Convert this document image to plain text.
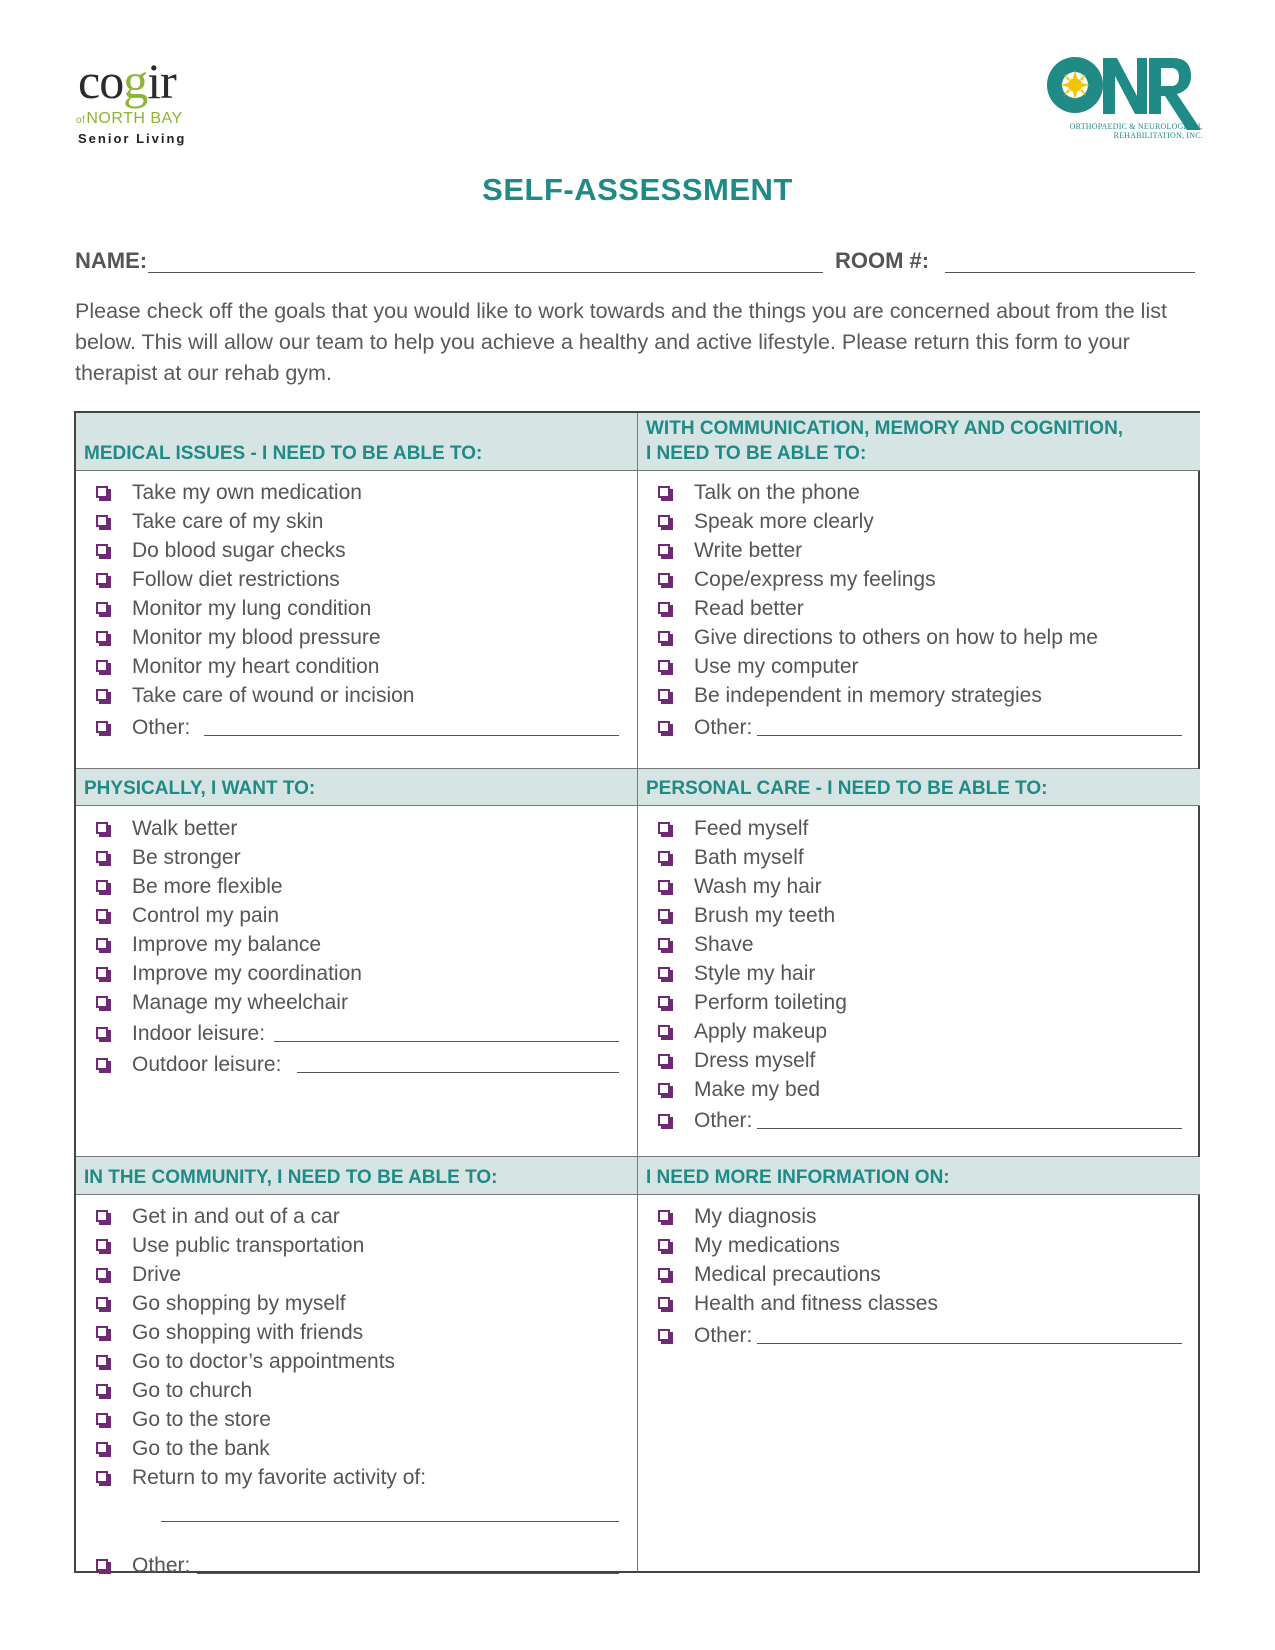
cogir
ofNORTH BAY
Senior Living
ORTHOPAEDIC & NEUROLOGICAL
REHABILITATION, INC.
SELF-ASSESSMENT
NAME:	ROOM #:
Please check off the goals that you would like to work towards and the things you are concerned about from the list below. This will allow our team to help you achieve a healthy and active lifestyle. Please return this form to your therapist at our rehab gym.
MEDICAL ISSUES - I NEED TO BE ABLE TO:
WITH COMMUNICATION, MEMORY AND COGNITION,
I NEED TO BE ABLE TO:
Take my own medication
Take care of my skin
Do blood sugar checks
Follow diet restrictions
Monitor my lung condition
Monitor my blood pressure
Monitor my heart condition
Take care of wound or incision
Other:
Talk on the phone
Speak more clearly
Write better
Cope/express my feelings
Read better
Give directions to others on how to help me
Use my computer
Be independent in memory strategies
Other:
PHYSICALLY, I WANT TO:	PERSONAL CARE - I NEED TO BE ABLE TO:
Walk better
Be stronger
Be more flexible
Control my pain
Improve my balance
Improve my coordination
Manage my wheelchair
Indoor leisure:
Outdoor leisure:
Feed myself
Bath myself
Wash my hair
Brush my teeth
Shave
Style my hair
Perform toileting
Apply makeup
Dress myself
Make my bed
Other:
IN THE COMMUNITY, I NEED TO BE ABLE TO:	I NEED MORE INFORMATION ON:
Get in and out of a car
Use public transportation
Drive
Go shopping by myself
Go shopping with friends
Go to doctor’s appointments
Go to church
Go to the store
Go to the bank
Return to my favorite activity of:
Other:
My diagnosis
My medications
Medical precautions
Health and fitness classes
Other:
